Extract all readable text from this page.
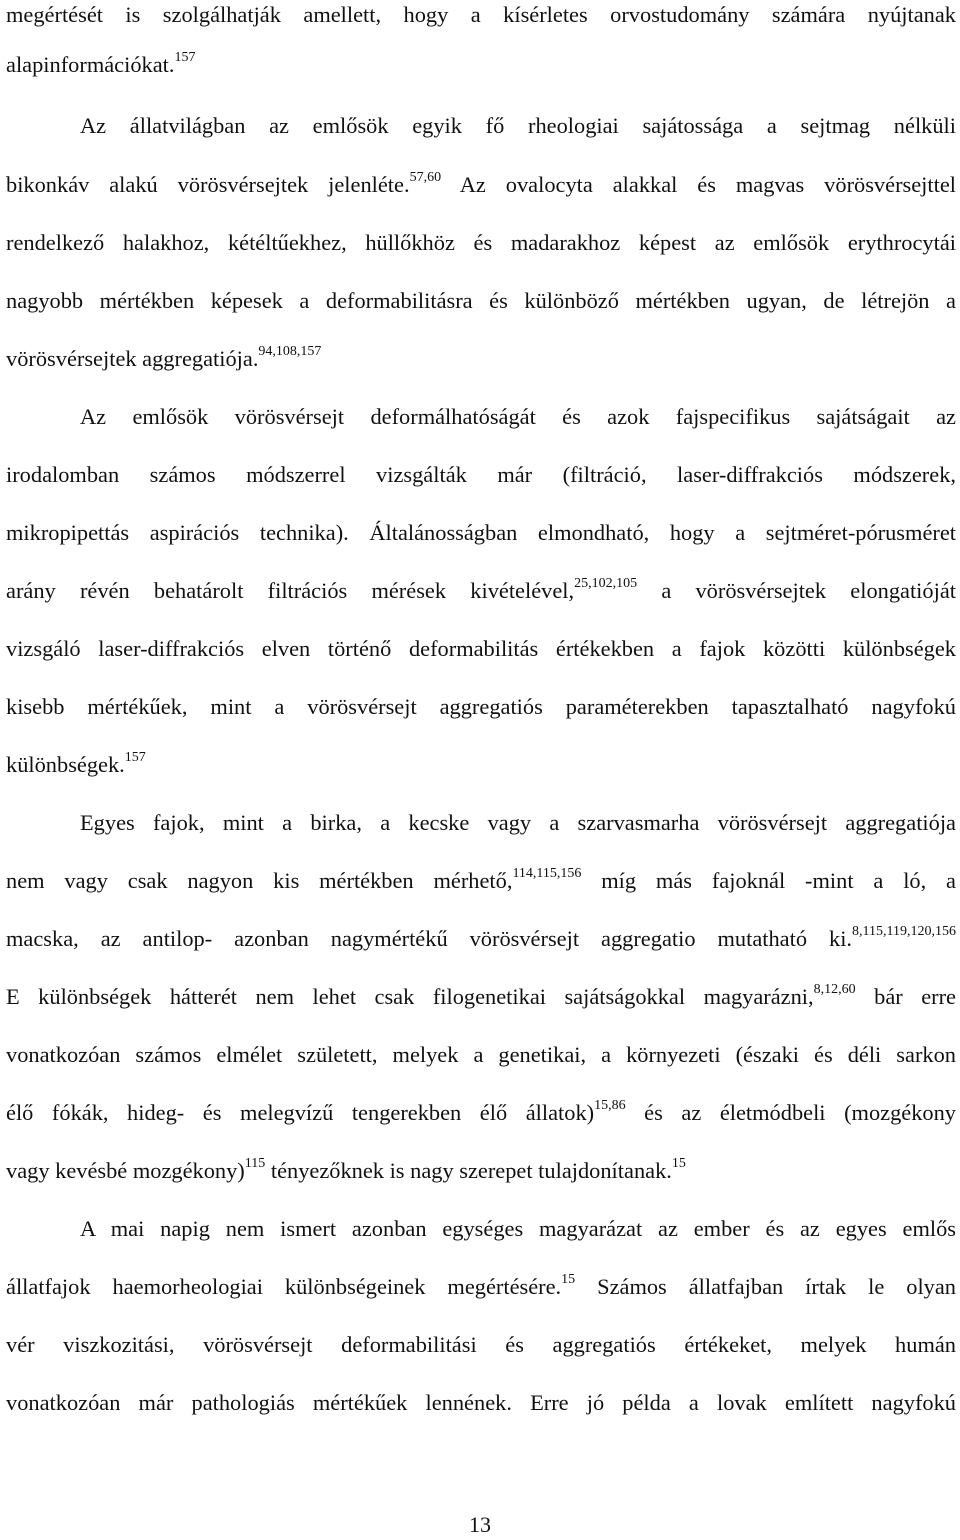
megértését is szolgálhatják amellett, hogy a kísérletes orvostudomány számára nyújtanak
alapinformációkat.$^{157}$
Az állatvilágban az emlősök egyik fő rheologiai sajátossága a sejtmag nélküli
bikonkáv alakú vörösvérsejtek jelenléte.$^{57,60}$ Az ovalocyta alakkal és magvas vörösvérsejttel
rendelkező halakhoz, kétéltűekhez, hüllőkhöz és madarakhoz képest az emlősök erythrocytái
nagyobb mértékben képesek a deformabilitásra és különböző mértékben ugyan, de létrejön a
vörösvérsejtek aggregatiója.$^{94,108,157}$
Az emlősök vörösvérsejt deformálhatóságát és azok fajspecifikus sajátságait az
irodalomban számos módszerrel vizsgálták már (filtráció, laser-diffrakciós módszerek,
mikropipettás aspirációs technika). Általánosságban elmondható, hogy a sejtméret-pórusméret
arány révén behatárolt filtrációs mérések kivételével,$^{25,102,105}$ a vörösvérsejtek elongatióját
vizsgáló laser-diffrakciós elven történő deformabilitás értékekben a fajok közötti különbségek
kisebb mértékűek, mint a vörösvérsejt aggregatiós paraméterekben tapasztalható nagyfokú
különbségek.$^{157}$
Egyes fajok, mint a birka, a kecske vagy a szarvasmarha vörösvérsejt aggregatiója
nem vagy csak nagyon kis mértékben mérhető,$^{114,115,156}$ míg más fajoknál -mint a ló, a
macska, az antilop- azonban nagymértékű vörösvérsejt aggregatio mutatható ki.$^{8,115,119,120,156}$
E különbségek hátterét nem lehet csak filogenetikai sajátságokkal magyarázni,$^{8,12,60}$ bár erre
vonatkozóan számos elmélet született, melyek a genetikai, a környezeti (északi és déli sarkon
élő fókák, hideg- és melegvízű tengerekben élő állatok)$^{15,86}$ és az életmódbeli (mozgékony
vagy kevésbé mozgékony)$^{115}$ tényezőknek is nagy szerepet tulajdonítanak.$^{15}$
A mai napig nem ismert azonban egységes magyarázat az ember és az egyes emlős
állatfajok haemorheologiai különbségeinek megértésére.$^{15}$ Számos állatfajban írtak le olyan
vér viszkozitási, vörösvérsejt deformabilitási és aggregatiós értékeket, melyek humán
vonatkozóan már pathologiás mértékűek lennének. Erre jó példa a lovak említett nagyfokú
13
